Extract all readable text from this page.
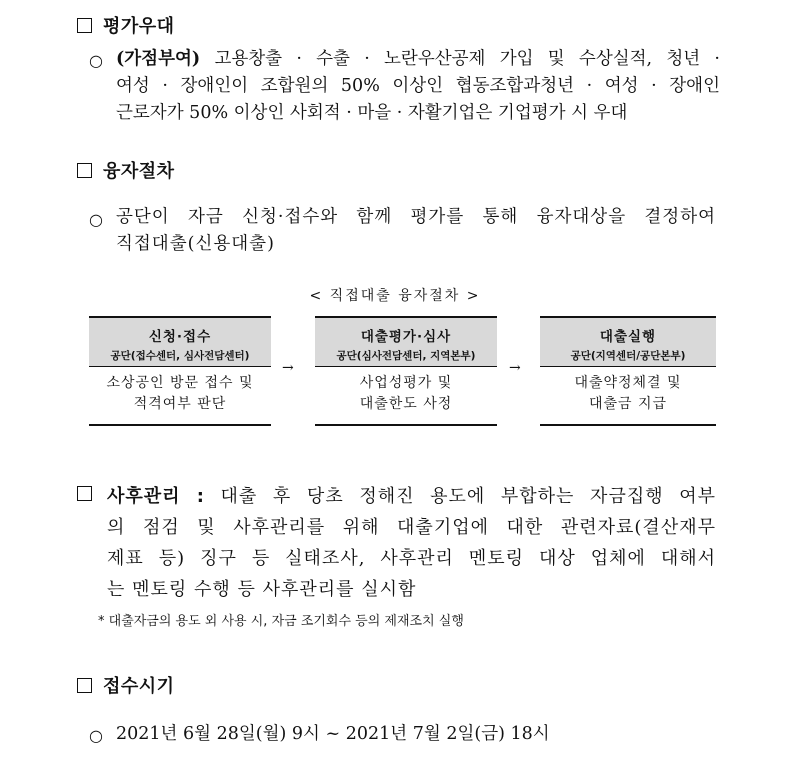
평가우대
○ (가점부여) 고용창출 · 수출 · 노란우산공제 가입 및 수상실적, 청년 ·

여성 · 장애인이 조합원의 50% 이상인 협동조합과청년 · 여성 · 장애인

근로자가 50% 이상인 사회적 · 마을 · 자활기업은 기업평가 시 우대

융자절차
○ 공단이 자금 신청·접수와 함께 평가를 통해 융자대상을 결정하여

직접대출(신용대출)

< 직접대출 융자절차 >
신청·접수
공단(접수센터, 심사전담센터)
소상공인 방문 접수 및
적격여부 판단
→
대출평가·심사
공단(심사전담센터, 지역본부)
사업성평가 및
대출한도 사정
→
대출실행
공단(지역센터/공단본부)
대출약정체결 및
대출금 지급

사후관리 : 대출 후 당초 정해진 용도에 부합하는 자금집행 여부

의 점검 및 사후관리를 위해 대출기업에 대한 관련자료(결산재무

제표 등) 징구 등 실태조사, 사후관리 멘토링 대상 업체에 대해서

는 멘토링 수행 등 사후관리를 실시함

* 대출자금의 용도 외 사용 시, 자금 조기회수 등의 제재조치 실행
접수시기
○ 2021년 6월 28일(월) 9시 ~ 2021년 7월 2일(금) 18시
